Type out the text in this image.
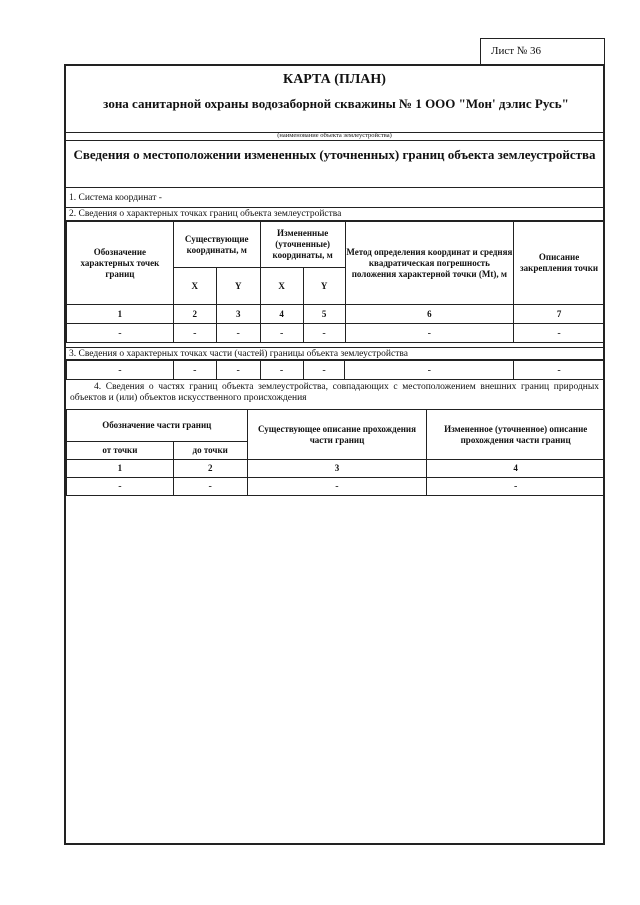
Лист № 36
КАРТА (ПЛАН)
зона санитарной охраны водозаборной скважины № 1 ООО "Мон' дэлис Русь"
(наименование объекта землеустройства)
Сведения о местоположении измененных (уточненных) границ объекта землеустройства
1. Система координат -
2. Сведения о характерных точках границ объекта землеустройства
Обозначение характерных точек границ	Существующие координаты, м		Измененные (уточненные) координаты, м		Метод определения координат и средняя квадратическая погрешность положения характерной точки (Mt), м	Описание закрепления точки
	X	Y	X	Y		
1	2	3	4	5	6	7
-	-	-	-	-	-	-
3. Сведения о характерных точках части (частей) границы объекта землеустройства
-	-	-	-	-	-	-
4. Сведения о частях границ объекта землеустройства, совпадающих с местоположением внешних границ природных объектов и (или) объектов искусственного происхождения
Обозначение части границ		Существующее описание прохождения части границ	Измененное (уточненное) описание прохождения части границ
от точки	до точки		
1	2	3	4
-	-	-	-
